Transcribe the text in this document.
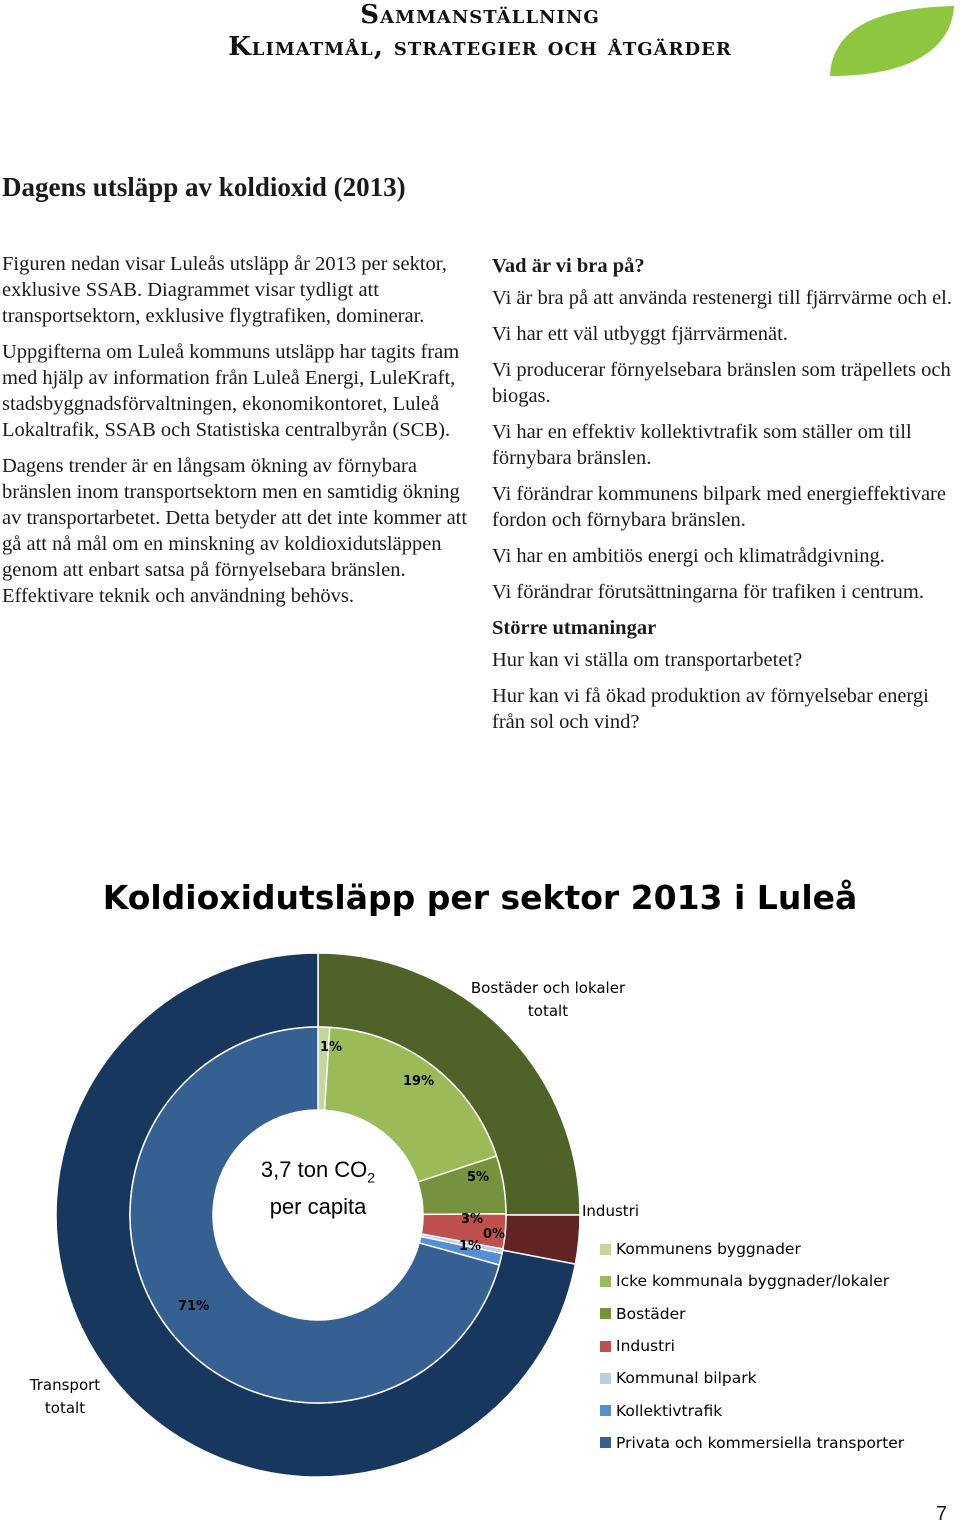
Sammanställning
Klimatmål, strategier och åtgärder
Dagens utsläpp av koldioxid (2013)

Figuren nedan visar Luleås utsläpp år 2013 per sektor, exklusive SSAB. Diagrammet visar tydligt att transportsektorn, exklusive flygtrafiken, dominerar.

Uppgifterna om Luleå kommuns utsläpp har tagits fram med hjälp av information från Luleå Energi, LuleKraft, stadsbyggnadsförvaltningen, ekonomikontoret, Luleå Lokaltrafik, SSAB och Statistiska centralbyrån (SCB).

Dagens trender är en långsam ökning av förnybara bränslen inom transportsektorn men en samtidig ökning av transportarbetet. Detta betyder att det inte kommer att gå att nå mål om en minskning av koldioxidutsläppen genom att enbart satsa på förnyelsebara bränslen. Effektivare teknik och användning behövs.

Vad är vi bra på?

Vi är bra på att använda restenergi till fjärrvärme och el.

Vi har ett väl utbyggt fjärrvärmenät.

Vi producerar förnyelsebara bränslen som träpellets och biogas.

Vi har en effektiv kollektivtrafik som ställer om till förnybara bränslen.

Vi förändrar kommunens bilpark med energieffektivare fordon och förnybara bränslen.

Vi har en ambitiös energi och klimatrådgivning.

Vi förändrar förutsättningarna för trafiken i centrum.

Större utmaningar

Hur kan vi ställa om transportarbetet?

Hur kan vi få ökad produktion av förnyelsebar energi från sol och vind?

Koldioxidutsläpp per sektor 2013 i Luleå
3,7 ton $CO_2$
per capita
Bostäder och lokaler
totalt
Industri
Transport
totalt
1%
19%
5%
3%
0%
1%
71%
Kommunens byggnader
Icke kommunala byggnader/lokaler
Bostäder
Industri
Kommunal bilpark
Kollektivtrafik
Privata och kommersiella transporter
7
